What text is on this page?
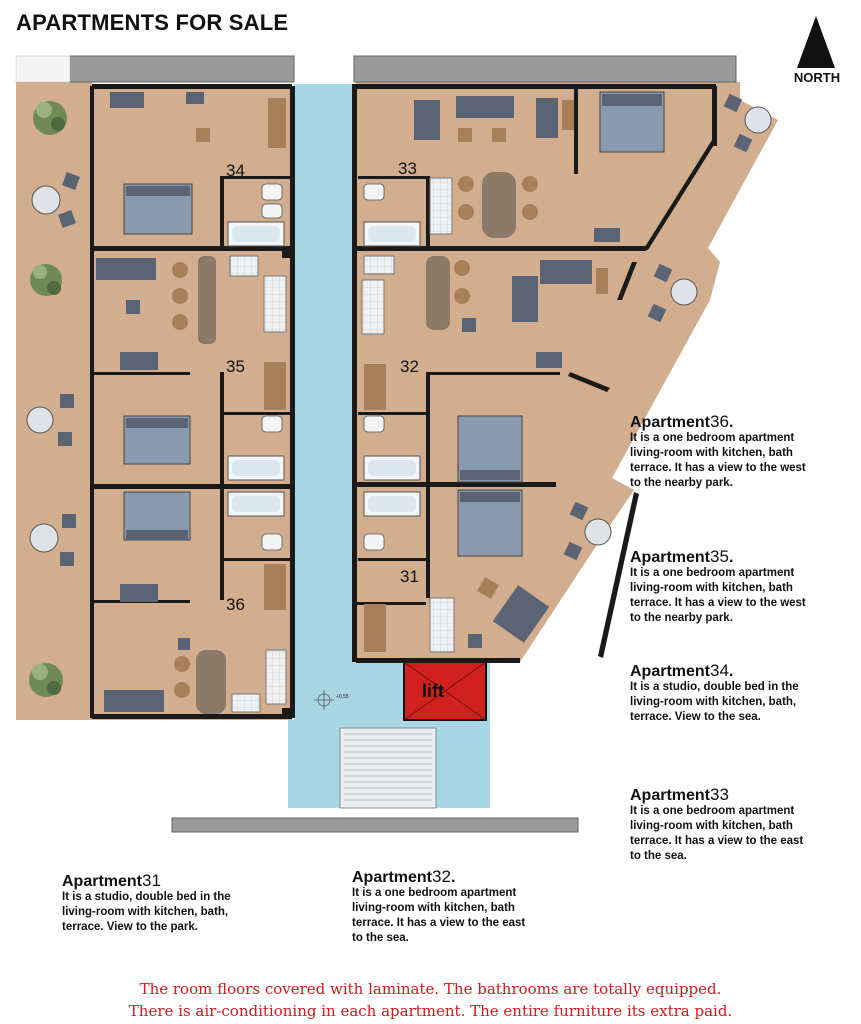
APARTMENTS FOR SALE
NORTH
lift
+0,55
34	33
35	32
36
31
Apartment36.
It is a one bedroom apartment
living-room with kitchen, bath
terrace. It has a view to the west
to the nearby park.
Apartment35.
It is a one bedroom apartment
living-room with kitchen, bath
terrace. It has a view to the west
to the nearby park.
Apartment34.
It is a studio, double bed in the
living-room with kitchen, bath,
terrace. View to the sea.
Apartment33
It is a one bedroom apartment
living-room with kitchen, bath
terrace. It has a view to the east
to the sea.
Apartment31
It is a studio, double bed in the
living-room with kitchen, bath,
terrace. View to the park.
Apartment32.
It is a one bedroom apartment
living-room with kitchen, bath
terrace. It has a view to the east
to the sea.
The room floors covered with laminate. The bathrooms are totally equipped.
There is air-conditioning in each apartment. The entire furniture its extra paid.
